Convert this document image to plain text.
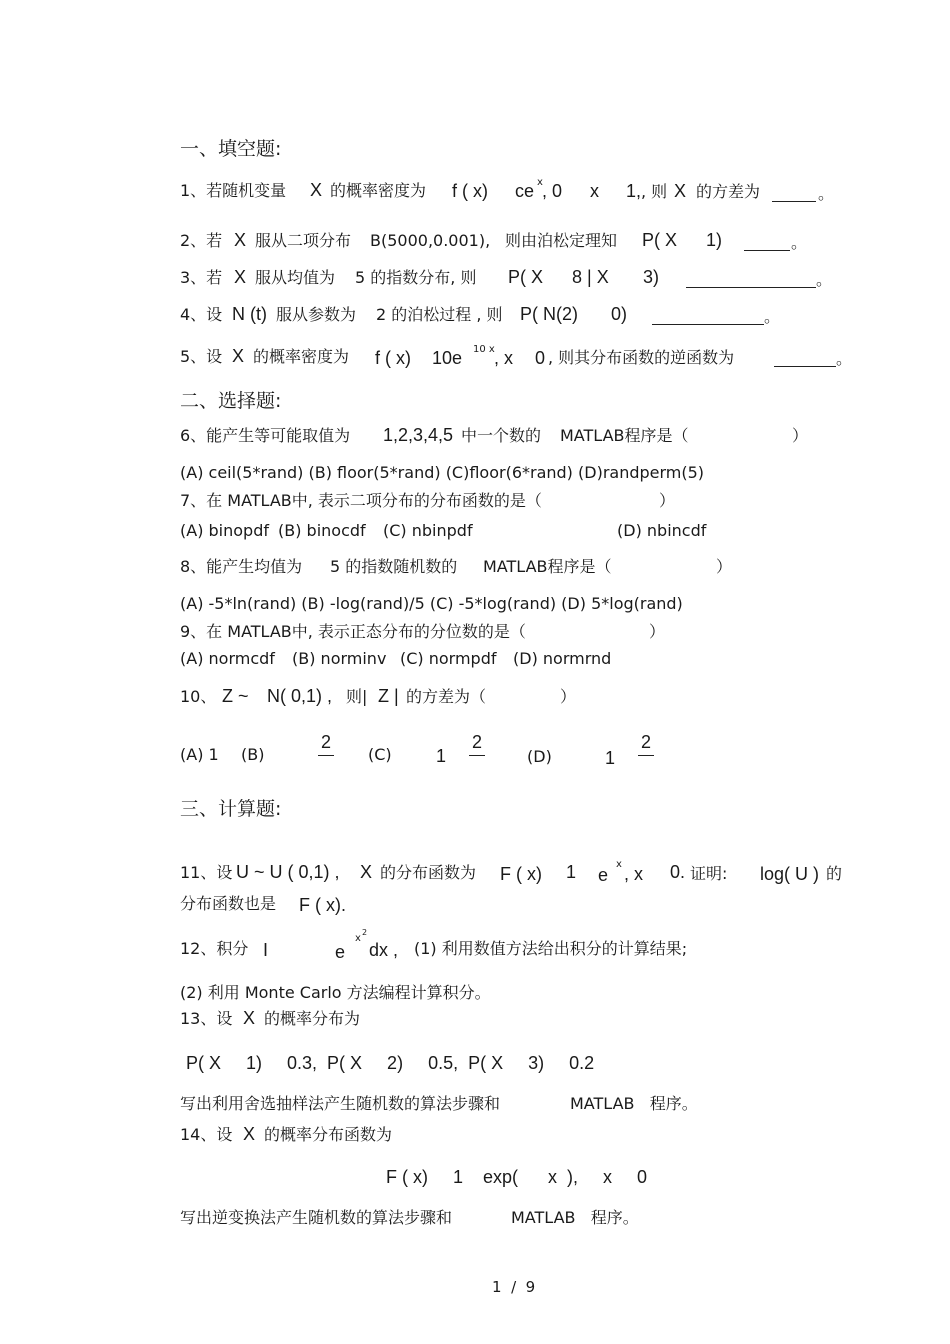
一、填空题:
1、若随机变量 X 的概率密度为 f ( x) ce x , 0 x 1, , 则 X 的方差为	。
2、若 X 服从二项分布 B(5000,0.001), 则由泊松定理知 P( X 1)	。
3、若 X 服从均值为 5 的指数分布, 则 P( X 8 | X 3)	。
4、设 N (t) 服从参数为 2 的泊松过程 , 则 P( N(2) 0)	。
5、设 X 的概率密度为 f ( x) 10e 10 x , x 0 , 则其分布函数的逆函数为	。
二、选择题:
6、能产生等可能取值为 1,2,3,4,5 中一个数的 MATLAB程序是（	）
(A) ceil(5*rand) (B) floor(5*rand) (C)floor(6*rand) (D)randperm(5)
7、在 MATLAB中, 表示二项分布的分布函数的是（	）
(A) binopdf (B) binocdf (C) nbinpdf	(D) nbincdf
8、能产生均值为 5 的指数随机数的 MATLAB程序是（	）
(A) -5*ln(rand) (B) -log(rand)/5 (C) -5*log(rand) (D) 5*log(rand)
9、在 MATLAB中, 表示正态分布的分位数的是（	）
(A) normcdf (B) norminv (C) normpdf (D) normrnd
10、 Z ~ N( 0,1) , 则| Z | 的方差为（	）
(A) 1 (B)
2
(C) 1
2
(D)	1
2
三、计算题:
11、设 U ~ U ( 0,1) , X 的分布函数为 F ( x) 1 e
x , x 0. 证明: log( U ) 的
分布函数也是 F ( x).
12、积分 I	e
x
2
dx , (1) 利用数值方法给出积分的计算结果;
(2) 利用 Monte Carlo 方法编程计算积分。
13、设 X 的概率分布为
P( X     1)     0.3,  P( X     2)     0.5,  P( X     3)     0.2
写出利用舍选抽样法产生随机数的算法步骤和	MATLAB   程序。
14、设 X 的概率分布函数为
F ( x)     1    exp(      x  ),     x     0
写出逆变换法产生随机数的算法步骤和	MATLAB   程序。
1  /  9
